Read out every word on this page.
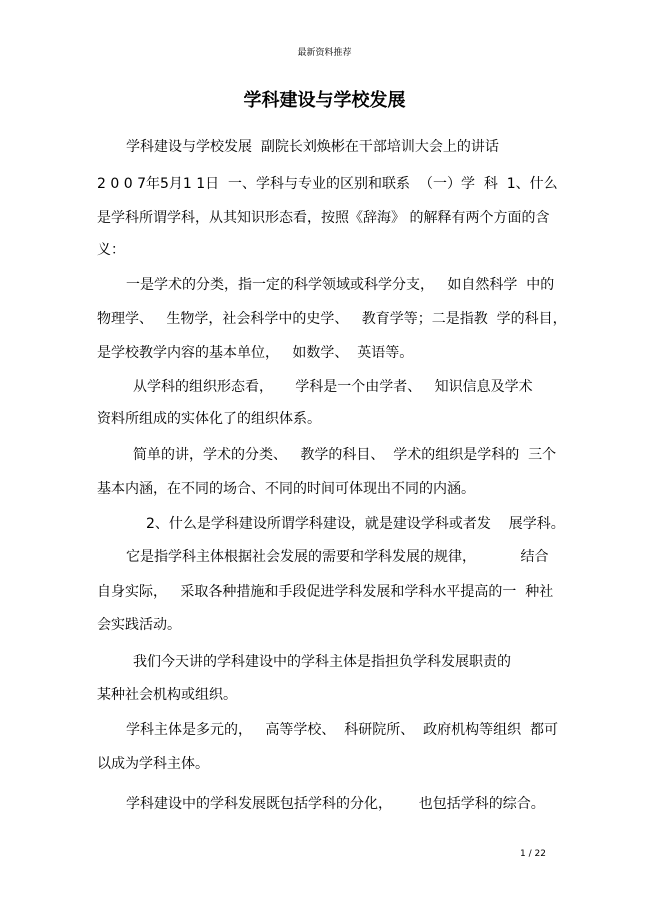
最新资料推荐
学科建设与学校发展
学科建设与学校发展  副院长刘焕彬在干部培训大会上的讲话
2 0 0 7年5月1 1日  一、学科与专业的区别和联系  （一）学  科  1、什么
是学科所谓学科，从其知识形态看，按照《辞海》 的解释有两个方面的含
义：
一是学术的分类，指一定的科学领域或科学分支，   如自然科学  中的
物理学、   生物学，社会科学中的史学、   教育学等；二是指教  学的科目，
是学校教学内容的基本单位，   如数学、  英语等。
从学科的组织形态看，     学科是一个由学者、   知识信息及学术
资料所组成的实体化了的组织体系。
简单的讲，学术的分类、   教学的科目、  学术的组织是学科的  三个
基本内涵，在不同的场合、不同的时间可体现出不同的内涵。
2、什么是学科建设所谓学科建设，就是建设学科或者发    展学科。
它是指学科主体根据社会发展的需要和学科发展的规律，          结合
自身实际，   采取各种措施和手段促进学科发展和学科水平提高的一  种社
会实践活动。
我们今天讲的学科建设中的学科主体是指担负学科发展职责的
某种社会机构或组织。
学科主体是多元的，   高等学校、  科研院所、  政府机构等组织  都可
以成为学科主体。
学科建设中的学科发展既包括学科的分化，      也包括学科的综合。
1 / 22
